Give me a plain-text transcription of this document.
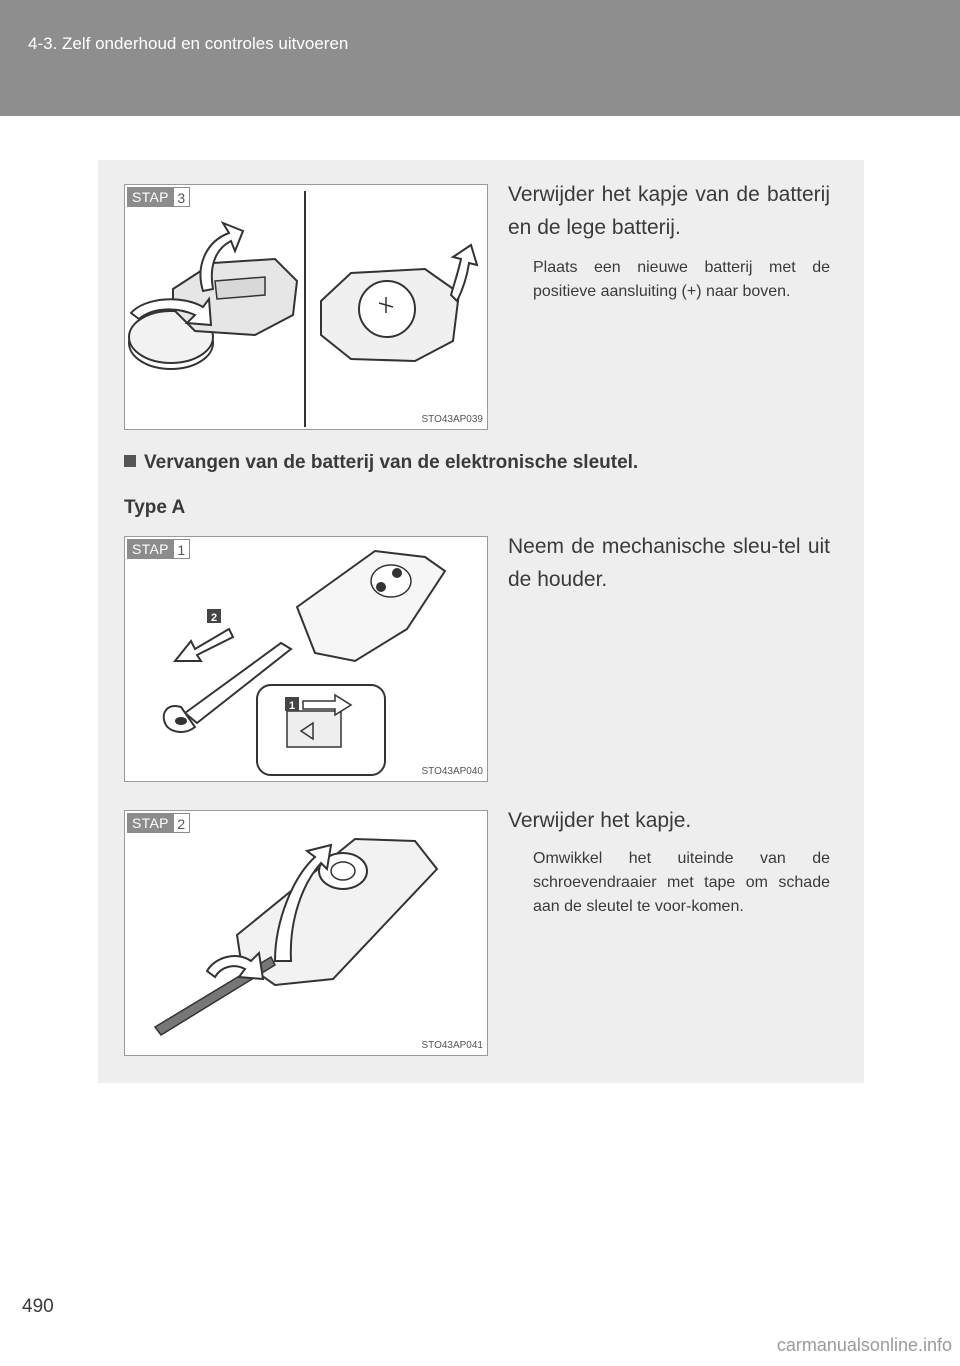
4-3. Zelf onderhoud en controles uitvoeren
STAP 3
STO43AP039
Verwijder het kapje van de batterij en de lege batterij.
Plaats een nieuwe batterij met de positieve aansluiting (+) naar boven.
Vervangen van de batterij van de elektronische sleutel.
Type A
2
1
STAP 1
STO43AP040
Neem de mechanische sleu-tel uit de houder.
STAP 2
STO43AP041
Verwijder het kapje.
Omwikkel het uiteinde van de schroevendraaier met tape om schade aan de sleutel te voor-komen.
490
carmanualsonline.info
